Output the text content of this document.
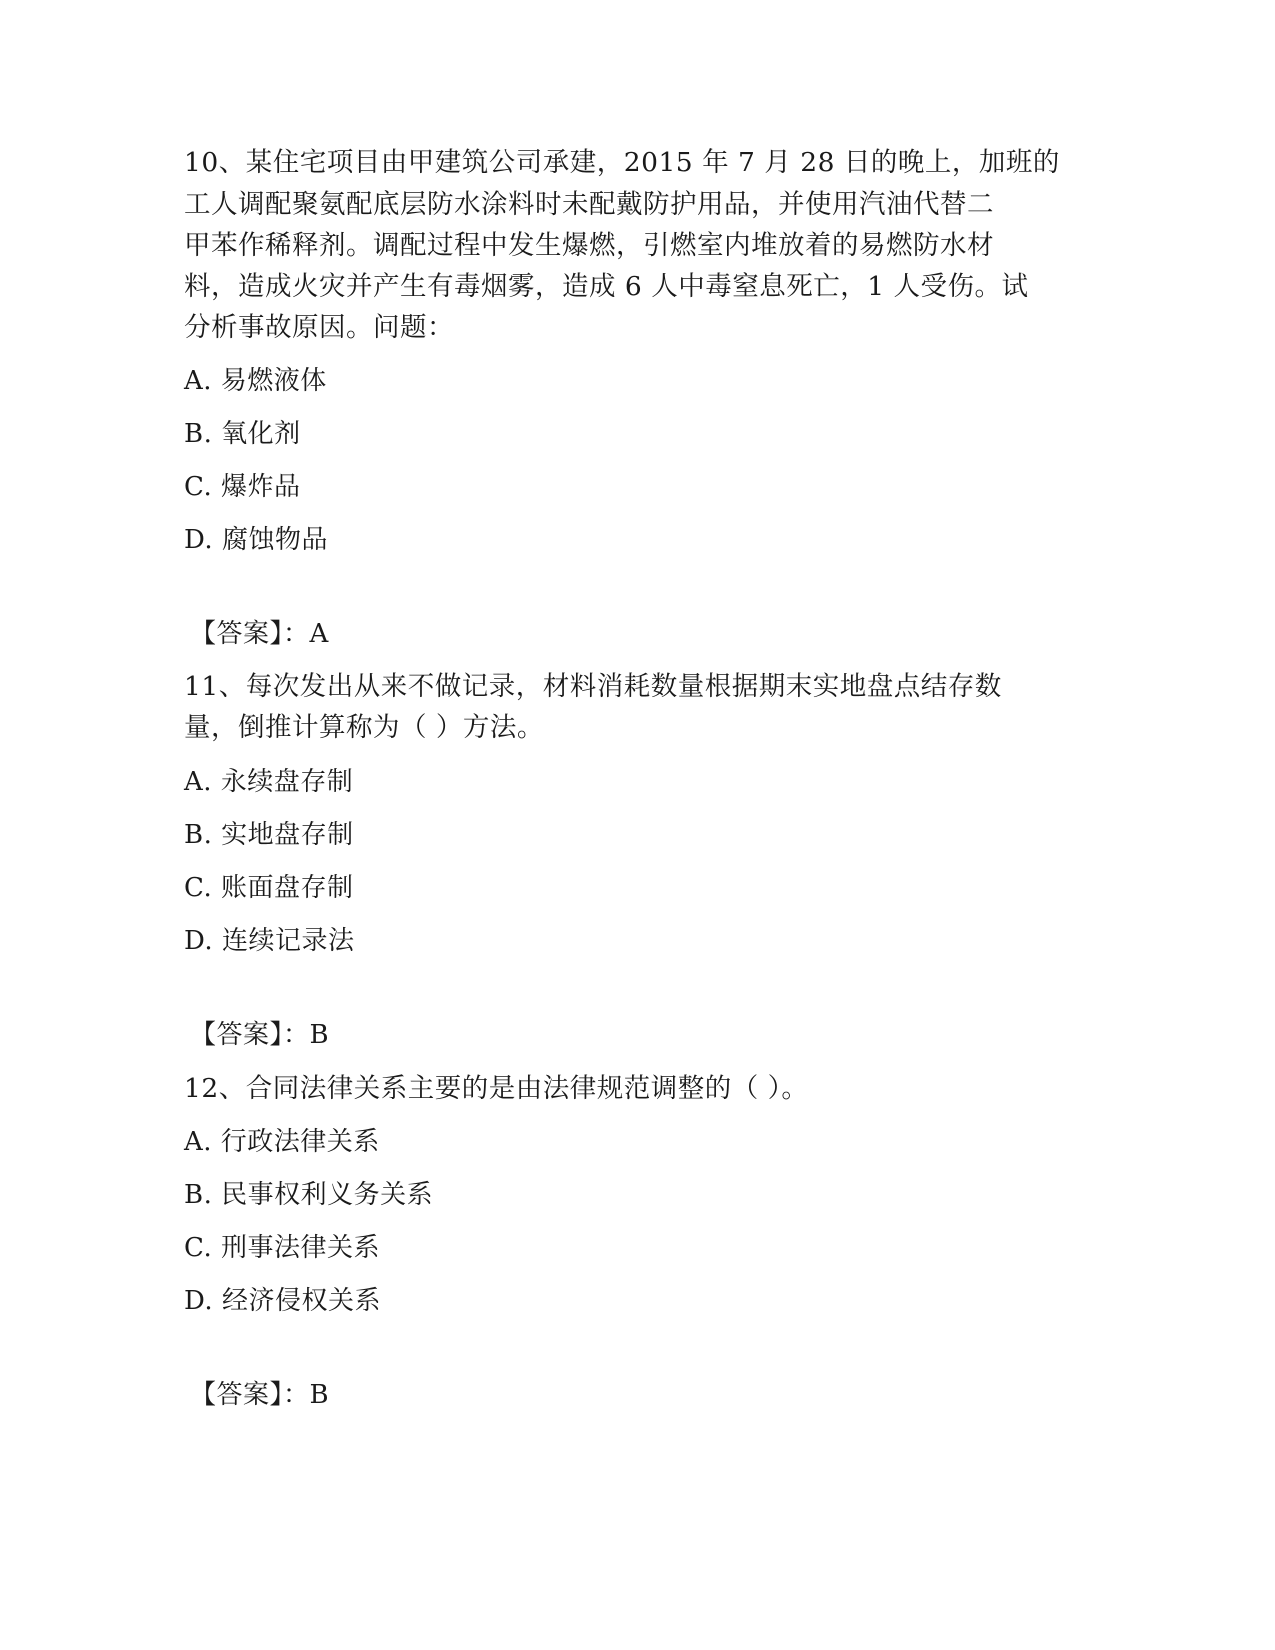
10、某住宅项目由甲建筑公司承建，2015 年 7 月 28 日的晚上，加班的
工人调配聚氨配底层防水涂料时未配戴防护用品，并使用汽油代替二
甲苯作稀释剂。调配过程中发生爆燃，引燃室内堆放着的易燃防水材
料，造成火灾并产生有毒烟雾，造成 6 人中毒窒息死亡，1 人受伤。试
分析事故原因。问题：
A. 易燃液体
B. 氧化剂
C. 爆炸品
D. 腐蚀物品
【答案】：A
11、每次发出从来不做记录，材料消耗数量根据期末实地盘点结存数
量，倒推计算称为（ ）方法。
A. 永续盘存制
B. 实地盘存制
C. 账面盘存制
D. 连续记录法
【答案】：B
12、合同法律关系主要的是由法律规范调整的（ ）。
A. 行政法律关系
B. 民事权利义务关系
C. 刑事法律关系
D. 经济侵权关系
【答案】：B
